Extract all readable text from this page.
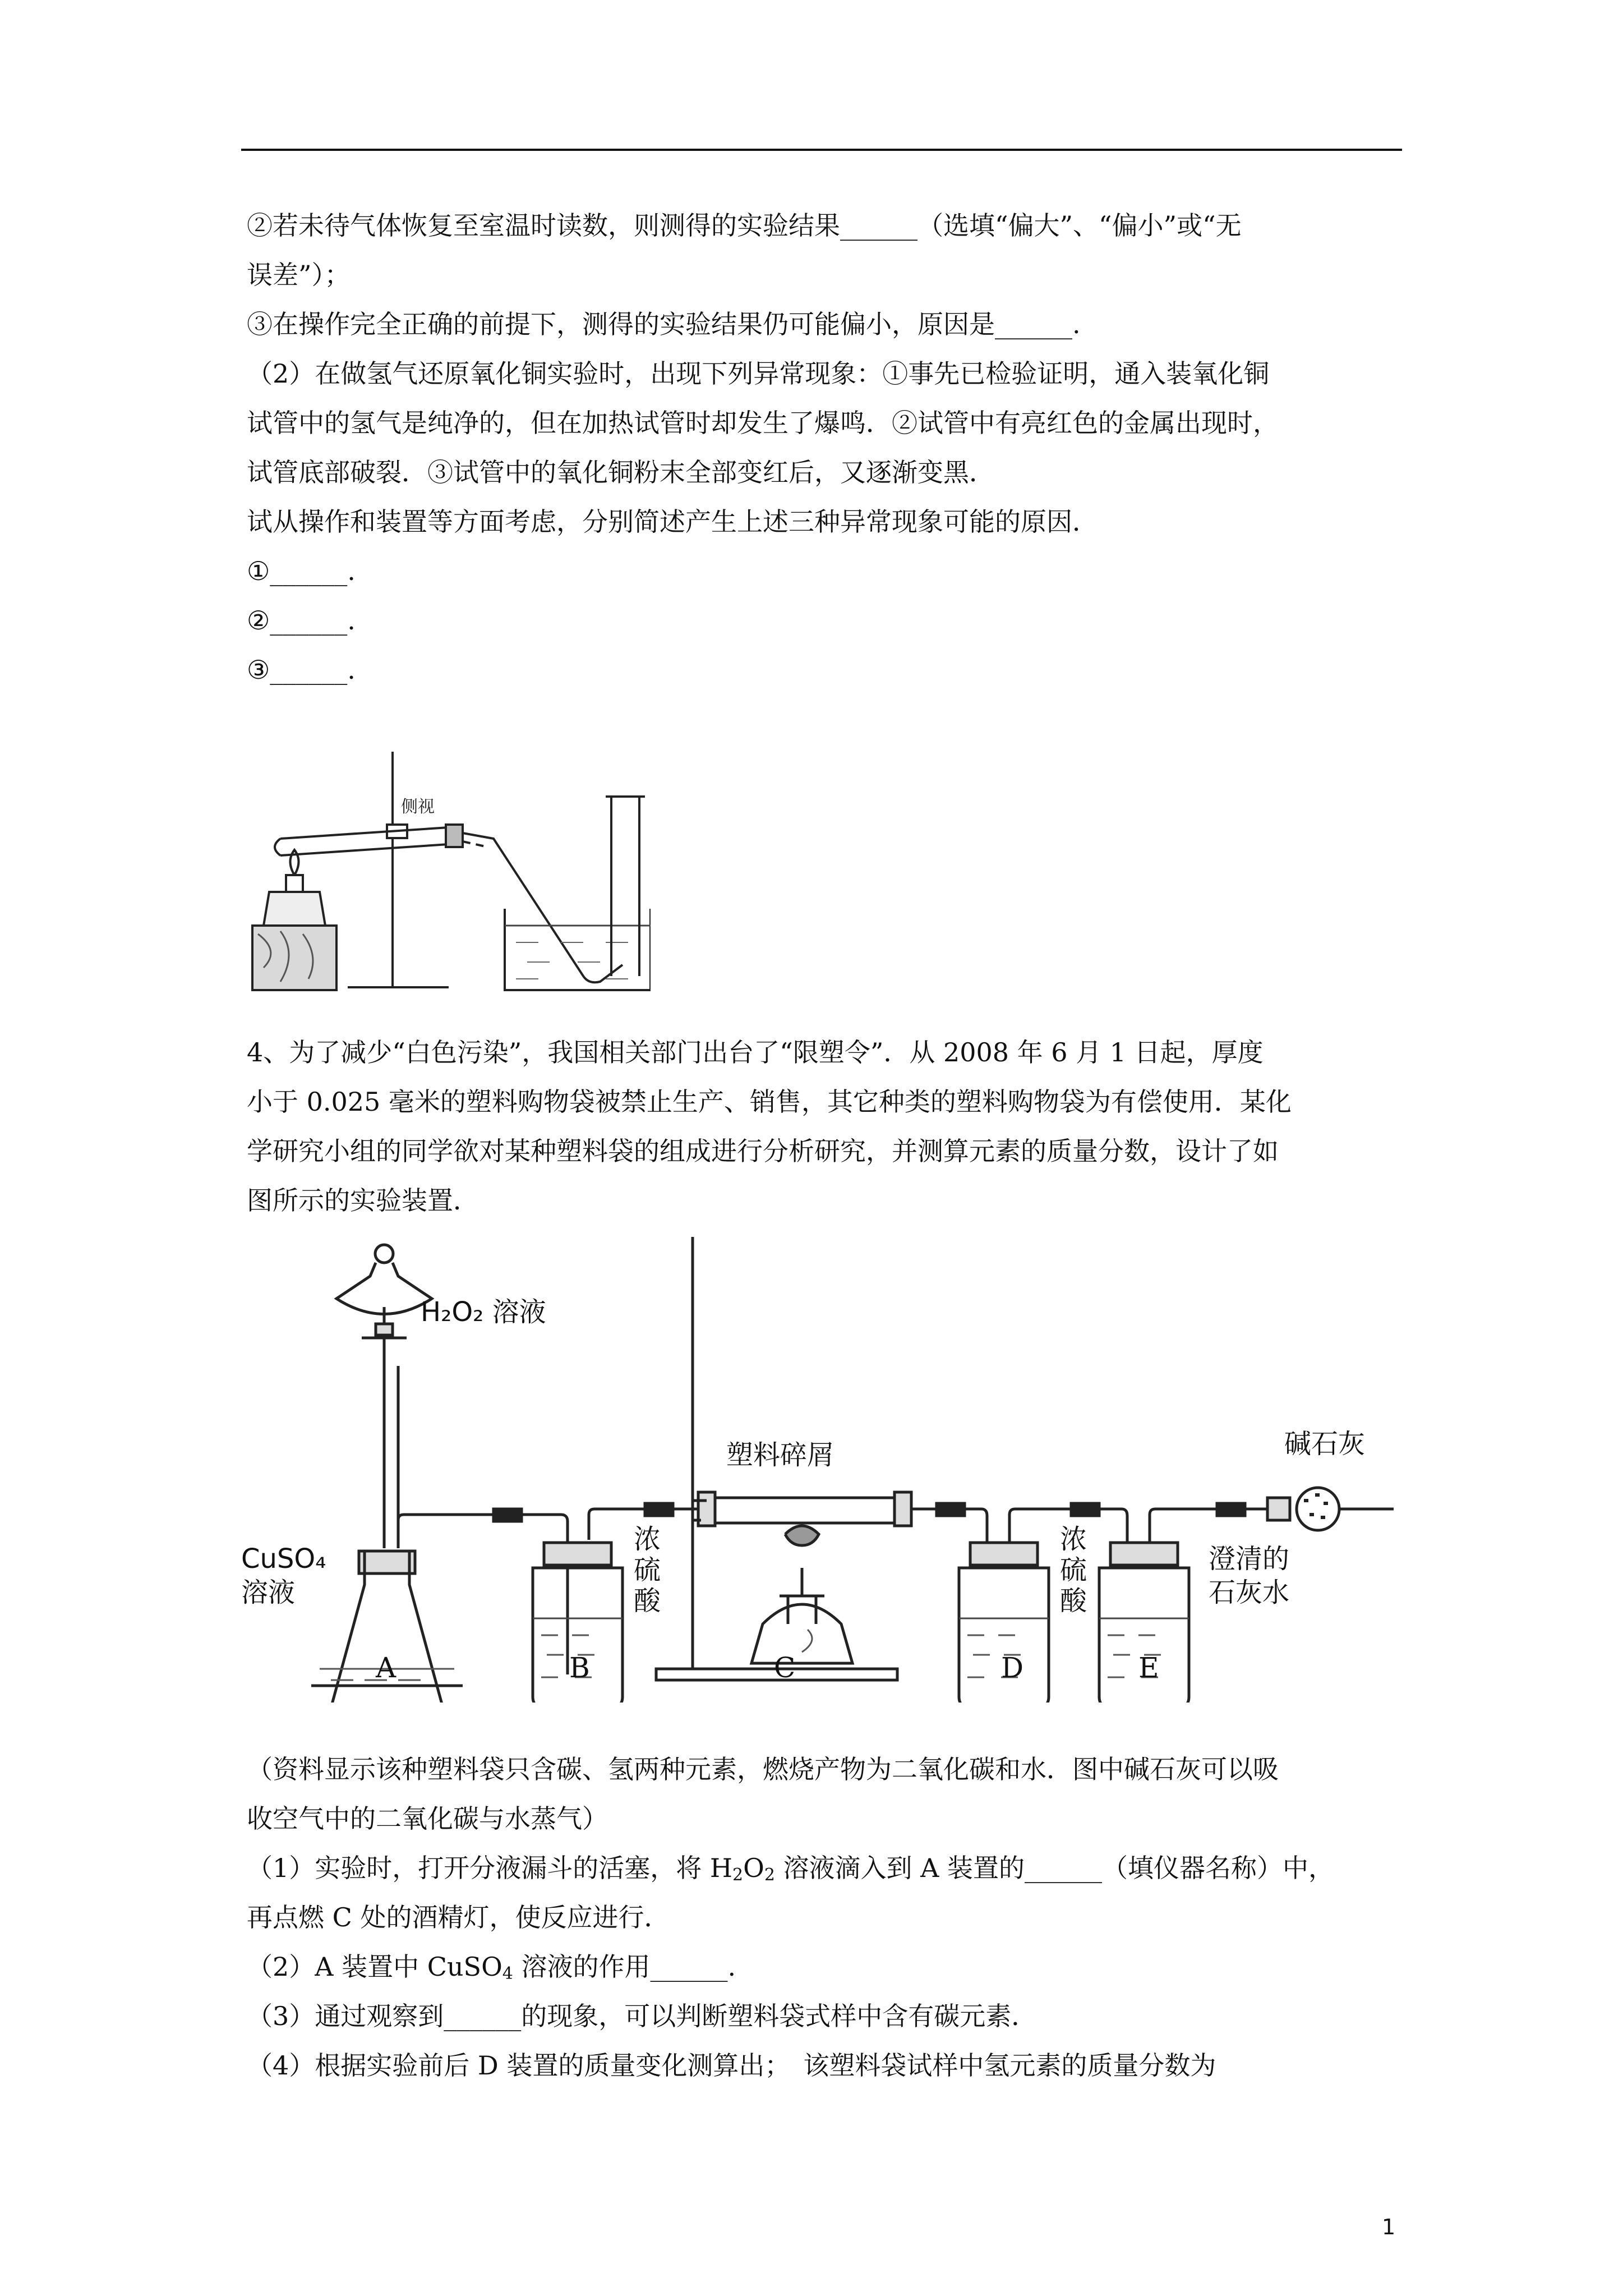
②若未待气体恢复至室温时读数，则测得的实验结果______（选填“偏大”、“偏小”或“无

误差”）；

③在操作完全正确的前提下，测得的实验结果仍可能偏小，原因是______.

（2）在做氢气还原氧化铜实验时，出现下列异常现象：①事先已检验证明，通入装氧化铜

试管中的氢气是纯净的，但在加热试管时却发生了爆鸣．②试管中有亮红色的金属出现时，

试管底部破裂．③试管中的氧化铜粉末全部变红后，又逐渐变黑．

试从操作和装置等方面考虑，分别简述产生上述三种异常现象可能的原因．

①______.

②______.

③______.

侧视

4、为了减少“白色污染”，我国相关部门出台了“限塑令”．从 2008 年 6 月 1 日起，厚度

小于 0.025 毫米的塑料购物袋被禁止生产、销售，其它种类的塑料购物袋为有偿使用．某化

学研究小组的同学欲对某种塑料袋的组成进行分析研究，并测算元素的质量分数，设计了如

图所示的实验装置．

H₂O₂ 溶液
塑料碎屑	碱石灰
CuSO₄
溶液
浓
硫
酸
浓
硫
酸
澄清的
石灰水
A	B	C	D	E

（资料显示该种塑料袋只含碳、氢两种元素，燃烧产物为二氧化碳和水．图中碱石灰可以吸

收空气中的二氧化碳与水蒸气）

（1）实验时，打开分液漏斗的活塞，将 $H_2O_2$ 溶液滴入到 A 装置的______（填仪器名称）中，

再点燃 C 处的酒精灯，使反应进行．

（2）A 装置中 CuSO$_4$ 溶液的作用______.

（3）通过观察到______的现象，可以判断塑料袋式样中含有碳元素．

（4）根据实验前后 D 装置的质量变化测算出；　该塑料袋试样中氢元素的质量分数为

1
